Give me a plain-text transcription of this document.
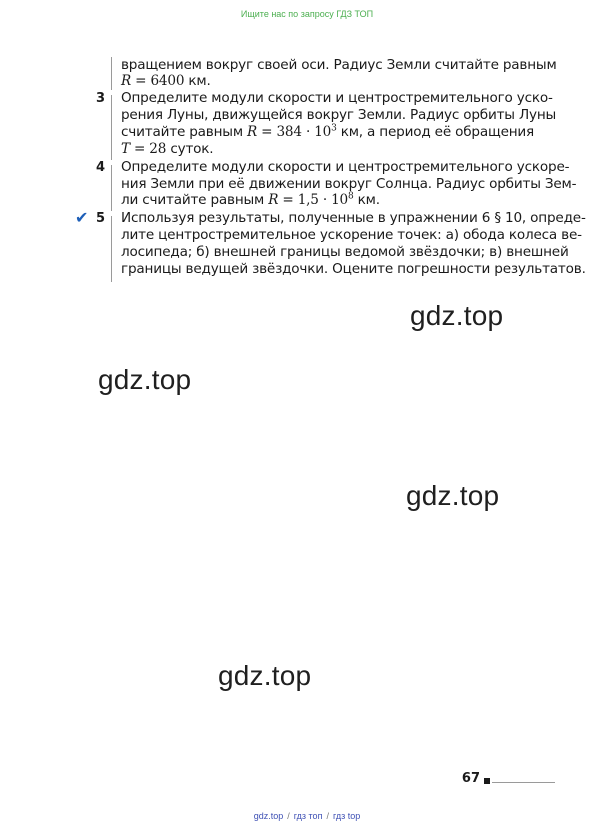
Ищите нас по запросу ГДЗ ТОП
вращением вокруг своей оси. Радиус Земли считайте равным
R = 6400 км.
3 Определите модули скорости и центростремительного уско-
рения Луны, движущейся вокруг Земли. Радиус орбиты Луны
считайте равным $R = 384 \cdot 10^3$ км, а период её обращения
T = 28 суток.
4 Определите модули скорости и центростремительного ускоре-
ния Земли при её движении вокруг Солнца. Радиус орбиты Зем-
ли считайте равным $R = 1,5 \cdot 10^8$ км.
✔ 5 Используя результаты, полученные в упражнении 6 § 10, опреде-
лите центростремительное ускорение точек: а) обода колеса ве-
лосипеда; б) внешней границы ведомой звёздочки; в) внешней
границы ведущей звёздочки. Оцените погрешности результатов.
gdz.top
gdz.top
gdz.top
gdz.top
67
gdz.top / гдз топ / гдз top
